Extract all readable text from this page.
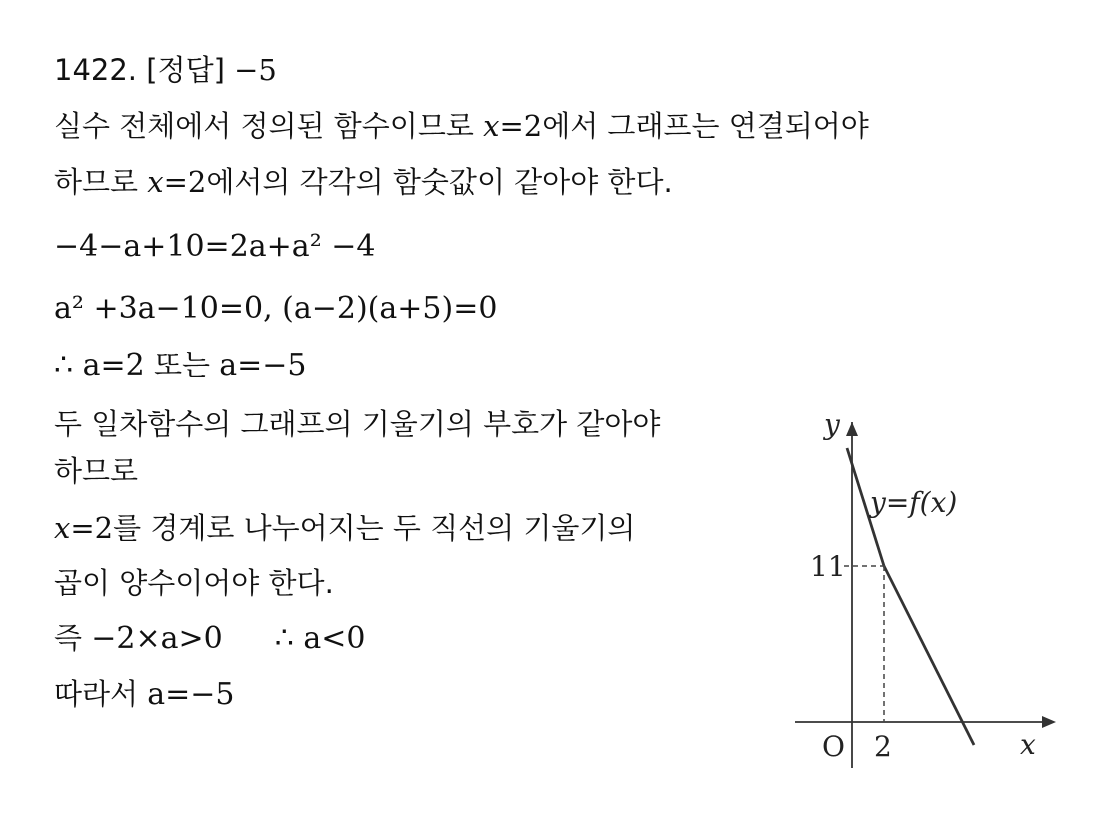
1422. [정답] −5
실수 전체에서 정의된 함수이므로 x=2에서 그래프는 연결되어야
하므로 x=2에서의 각각의 함숫값이 같아야 한다.
−4−a+10=2a+a² −4
a² +3a−10=0, (a−2)(a+5)=0
∴ a=2 또는 a=−5
두 일차함수의 그래프의 기울기의 부호가 같아야
하므로
x=2를 경계로 나누어지는 두 직선의 기울기의
곱이 양수이어야 한다.
즉 −2×a>0 ∴ a<0
따라서 a=−5
y
x
O 2
11
y=f(x)
